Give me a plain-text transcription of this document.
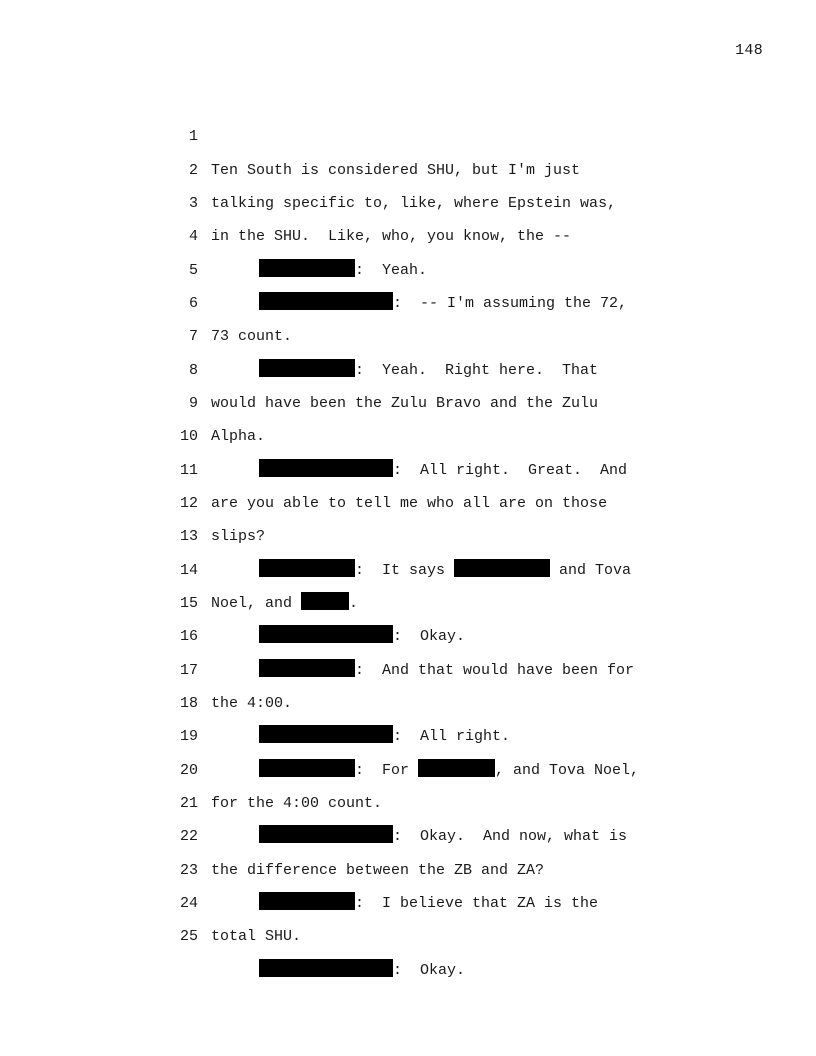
148

1

Ten South is considered SHU, but I'm just

2

talking specific to, like, where Epstein was,

3

in the SHU.  Like, who, you know, the --

4

:  Yeah.

5

:  -- I'm assuming the 72,

6

73 count.

7

:  Yeah.  Right here.  That

8

would have been the Zulu Bravo and the Zulu

9

Alpha.

10

:  All right.  Great.  And

11

are you able to tell me who all are on those

12

slips?

13

:  It says	and Tova

14

Noel, and	.

15

:  Okay.

16

:  And that would have been for

17

the 4:00.

18

:  All right.

19

:  For	, and Tova Noel,

20

for the 4:00 count.

21

:  Okay.  And now, what is

22

the difference between the ZB and ZA?

23

:  I believe that ZA is the

24

total SHU.

25

:  Okay.
